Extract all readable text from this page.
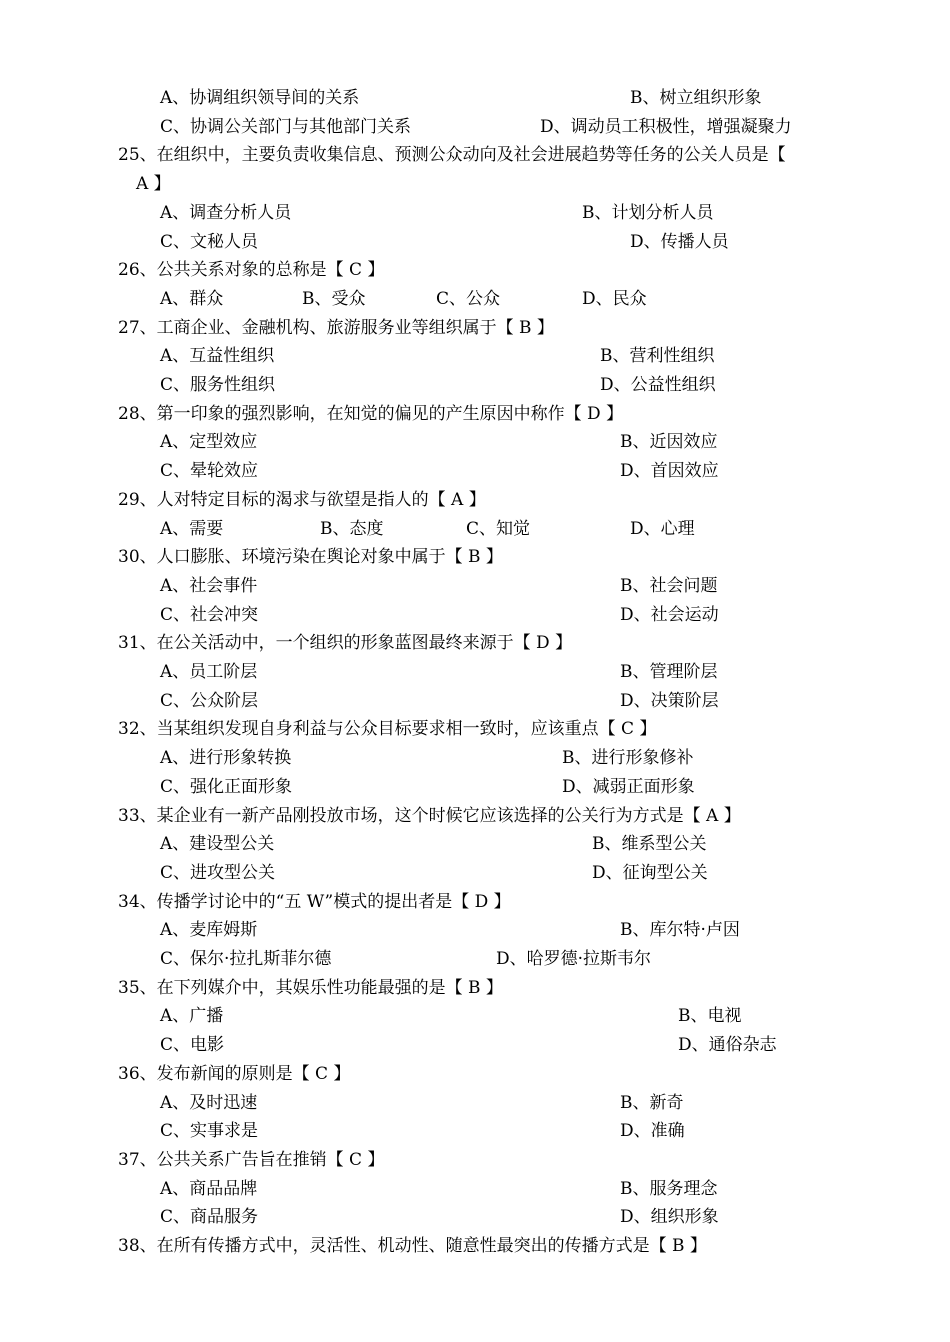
A、协调组织领导间的关系	B、树立组织形象
C、协调公关部门与其他部门关系	D、调动员工积极性，增强凝聚力
25、在组织中，主要负责收集信息、预测公众动向及社会进展趋势等任务的公关人员是【
A 】
A、调查分析人员	B、计划分析人员
C、文秘人员	D、传播人员
26、公共关系对象的总称是【 C 】
A、群众	B、受众	C、公众	D、民众
27、工商企业、金融机构、旅游服务业等组织属于【 B 】
A、互益性组织	B、营利性组织
C、服务性组织	D、公益性组织
28、第一印象的强烈影响，在知觉的偏见的产生原因中称作【 D 】
A、定型效应	B、近因效应
C、晕轮效应	D、首因效应
29、人对特定目标的渴求与欲望是指人的【 A 】
A、需要	B、态度	C、知觉	D、心理
30、人口膨胀、环境污染在舆论对象中属于【 B 】
A、社会事件	B、社会问题
C、社会冲突	D、社会运动
31、在公关活动中，一个组织的形象蓝图最终来源于【 D 】
A、员工阶层	B、管理阶层
C、公众阶层	D、决策阶层
32、当某组织发现自身利益与公众目标要求相一致时，应该重点【 C 】
A、进行形象转换	B、进行形象修补
C、强化正面形象	D、减弱正面形象
33、某企业有一新产品刚投放市场，这个时候它应该选择的公关行为方式是【 A 】
A、建设型公关	B、维系型公关
C、进攻型公关	D、征询型公关
34、传播学讨论中的“五 W”模式的提出者是【 D 】
A、麦库姆斯	B、库尔特·卢因
C、保尔·拉扎斯菲尔德	D、哈罗德·拉斯韦尔
35、在下列媒介中，其娱乐性功能最强的是【 B 】
A、广播	B、电视
C、电影	D、通俗杂志
36、发布新闻的原则是【 C 】
A、及时迅速	B、新奇
C、实事求是	D、准确
37、公共关系广告旨在推销【 C 】
A、商品品牌	B、服务理念
C、商品服务	D、组织形象
38、在所有传播方式中，灵活性、机动性、随意性最突出的传播方式是【 B 】
